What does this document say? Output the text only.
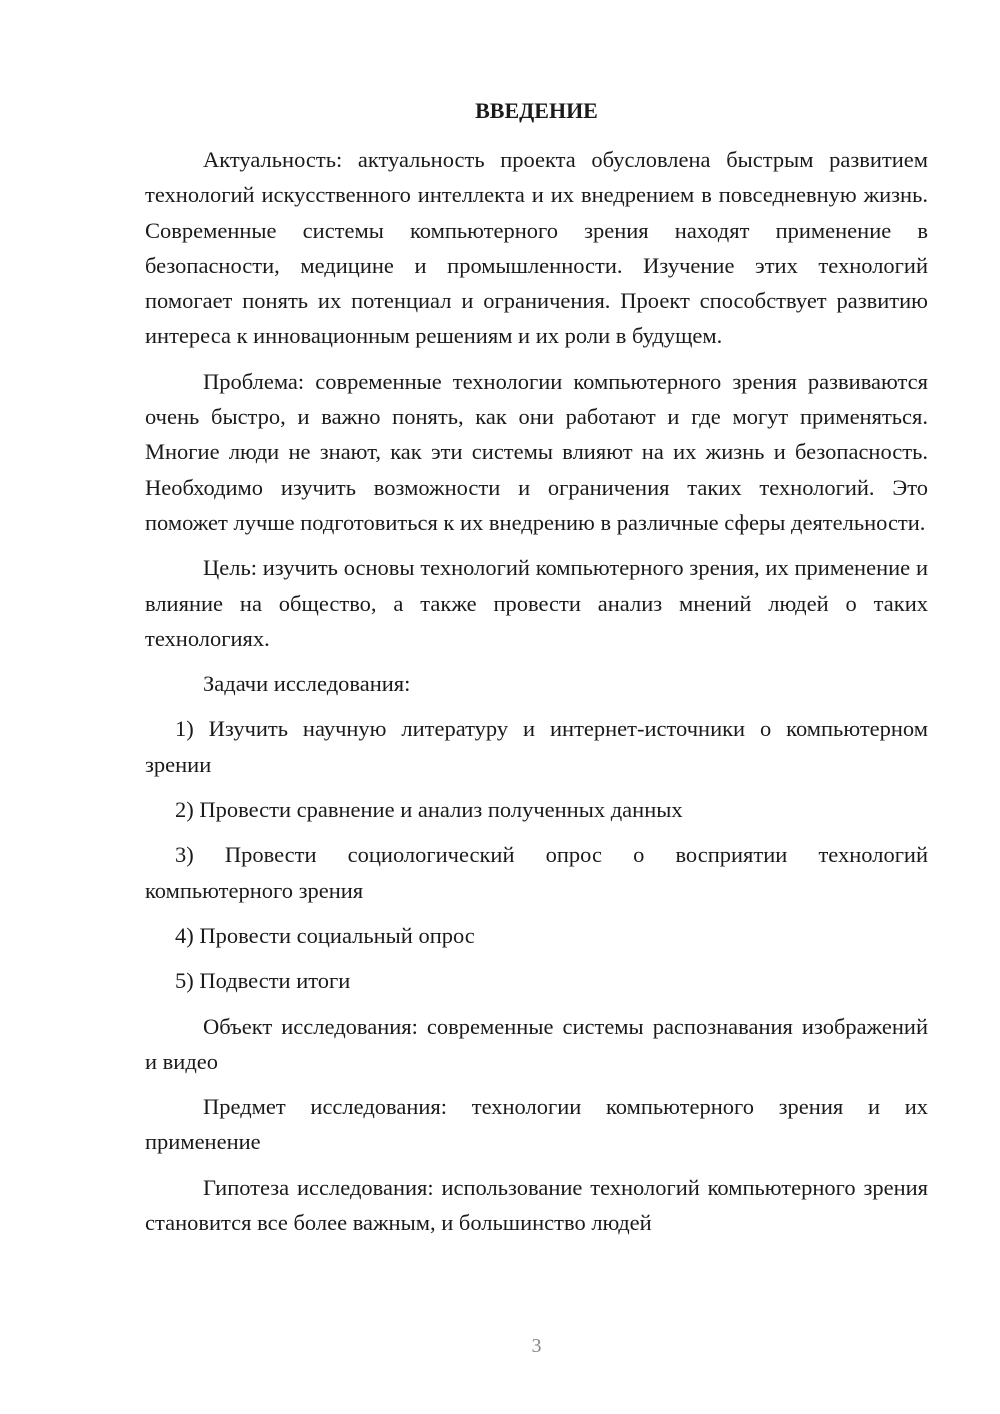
ВВЕДЕНИЕ

Актуальность: актуальность проекта обусловлена быстрым развитием технологий искусственного интеллекта и их внедрением в повседневную жизнь. Современные системы компьютерного зрения находят применение в безопасности, медицине и промышленности. Изучение этих технологий помогает понять их потенциал и ограничения. Проект способствует развитию интереса к инновационным решениям и их роли в будущем.

Проблема: современные технологии компьютерного зрения развиваются очень быстро, и важно понять, как они работают и где могут применяться. Многие люди не знают, как эти системы влияют на их жизнь и безопасность. Необходимо изучить возможности и ограничения таких технологий. Это поможет лучше подготовиться к их внедрению в различные сферы деятельности.

Цель: изучить основы технологий компьютерного зрения, их применение и влияние на общество, а также провести анализ мнений людей о таких технологиях.

Задачи исследования:

1) Изучить научную литературу и интернет-источники о компьютерном зрении

2) Провести сравнение и анализ полученных данных

3) Провести социологический опрос о восприятии технологий компьютерного зрения

4) Провести социальный опрос

5) Подвести итоги

Объект исследования: современные системы распознавания изображений и видео

Предмет исследования: технологии компьютерного зрения и их применение

Гипотеза исследования: использование технологий компьютерного зрения становится все более важным, и большинство людей

3
